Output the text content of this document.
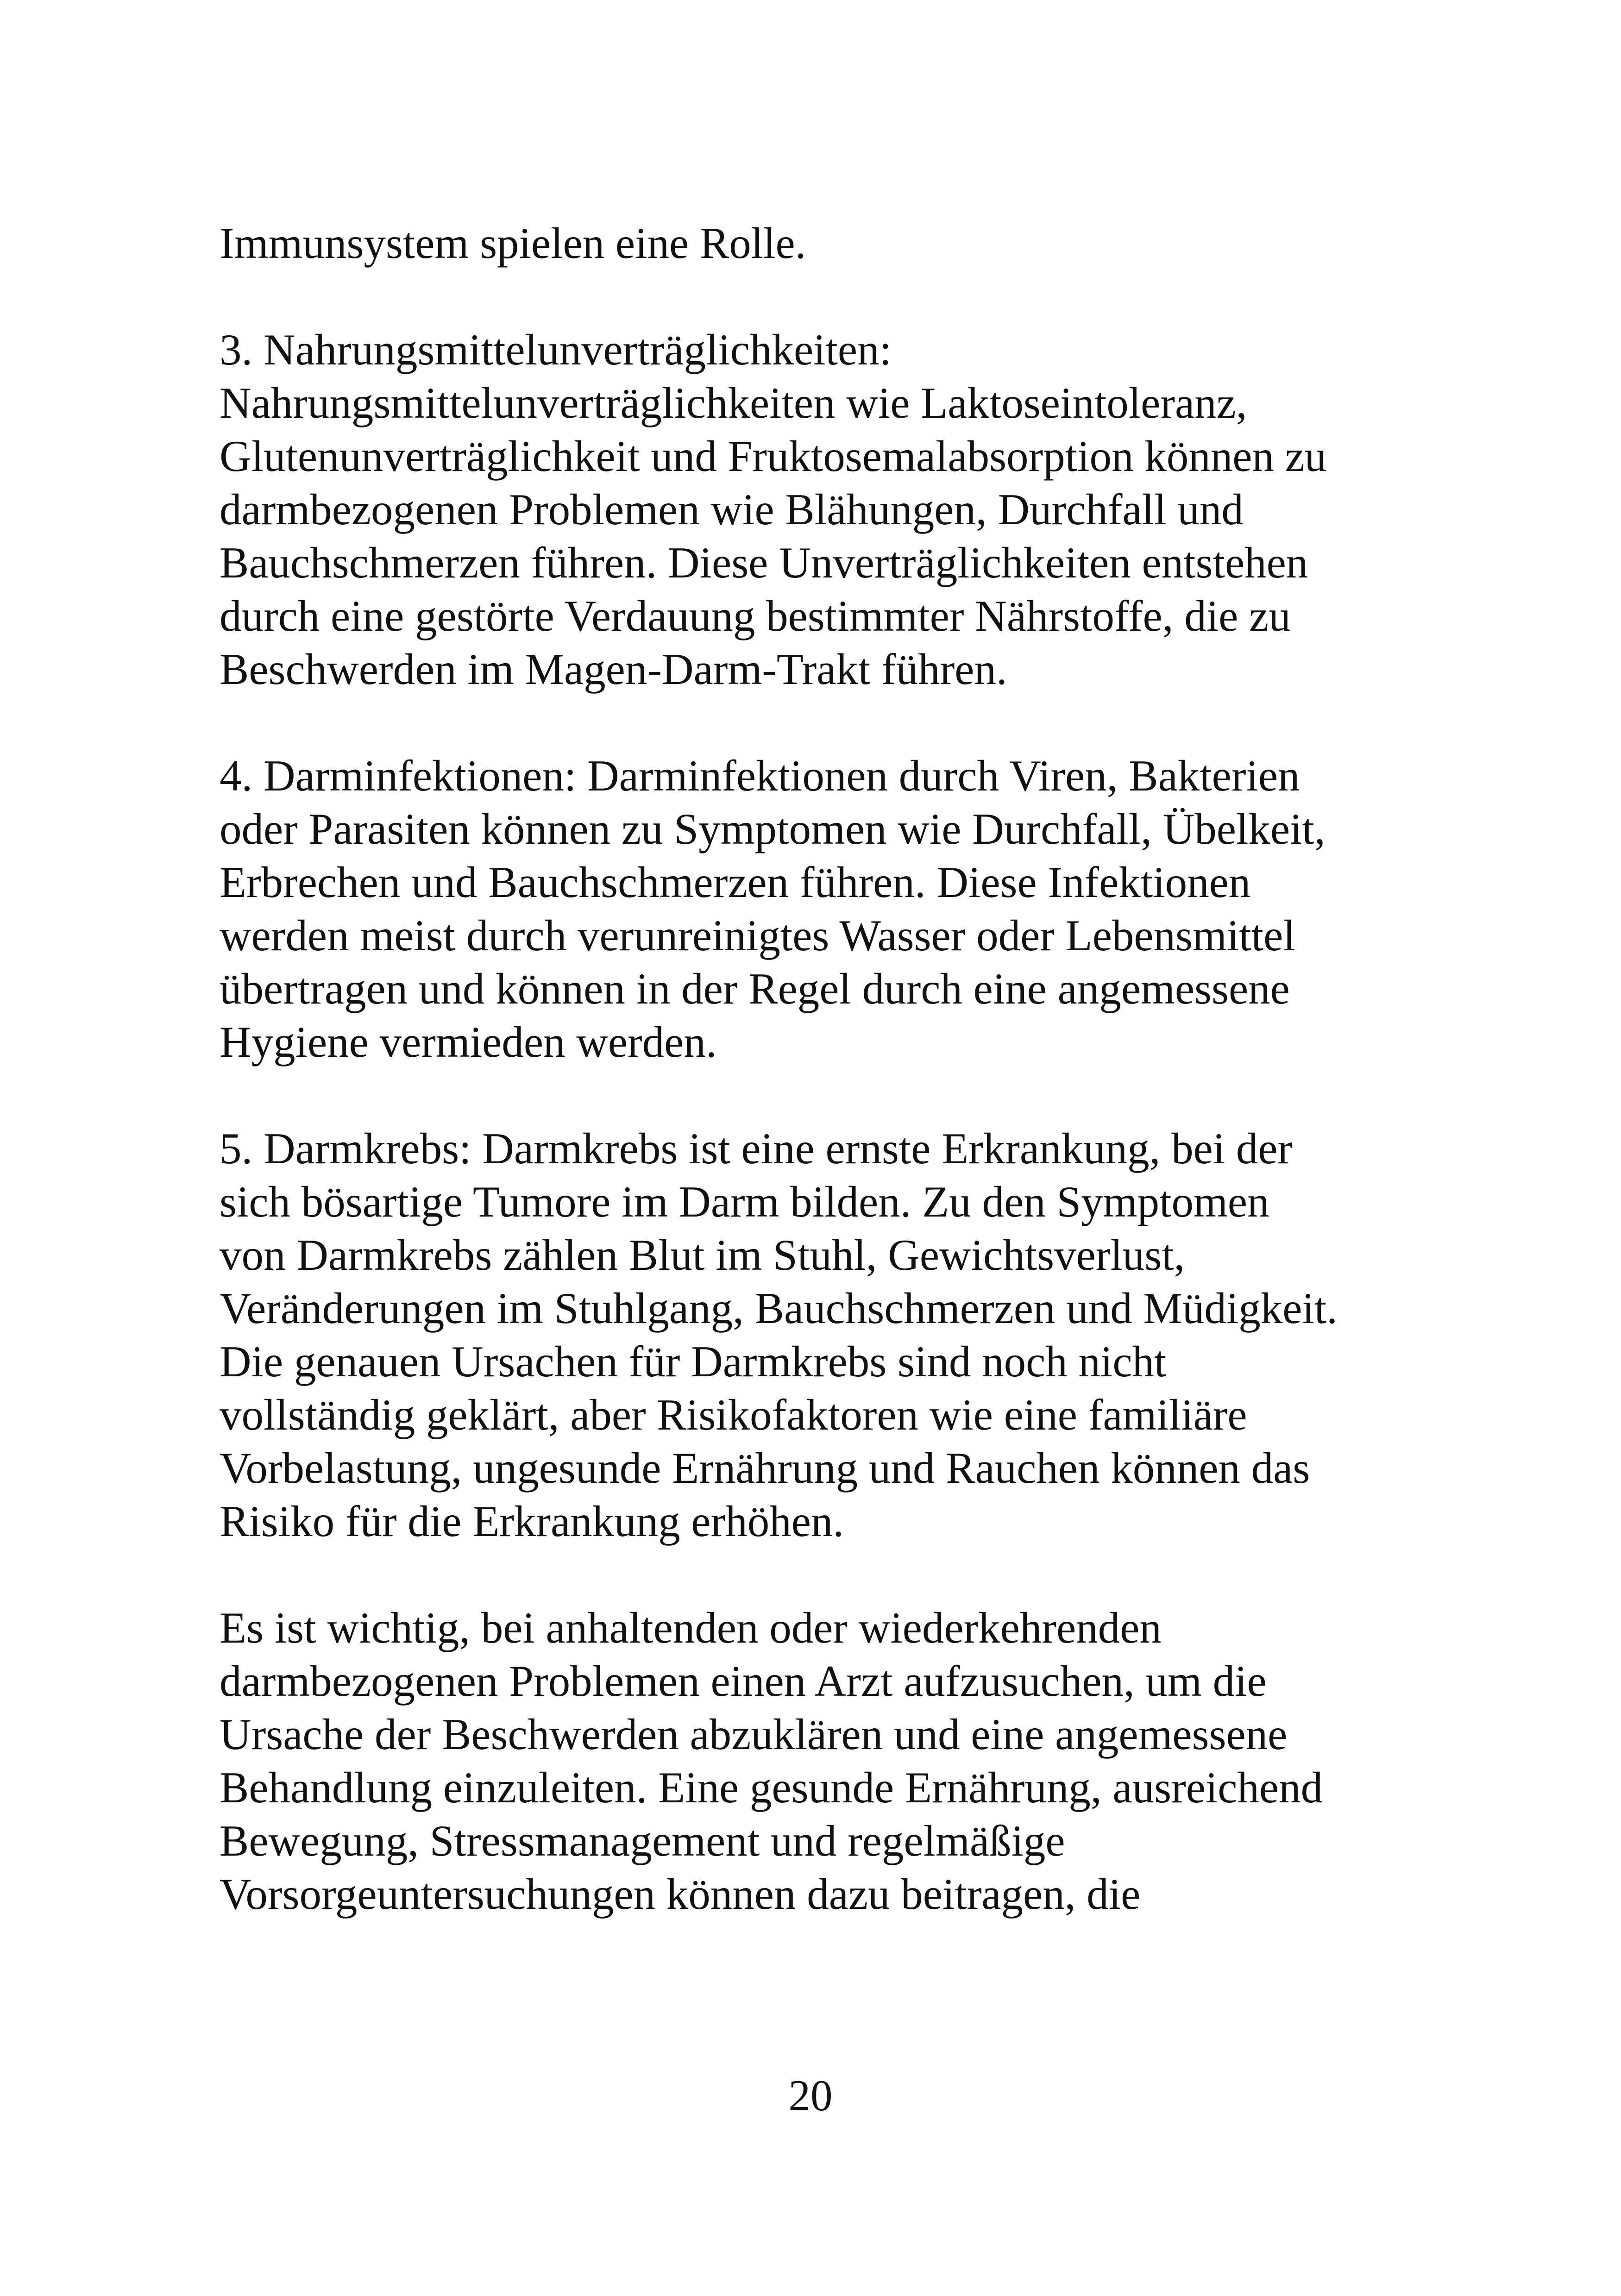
Immunsystem spielen eine Rolle.
3. Nahrungsmittelunverträglichkeiten:
Nahrungsmittelunverträglichkeiten wie Laktoseintoleranz,
Glutenunverträglichkeit und Fruktosemalabsorption können zu
darmbezogenen Problemen wie Blähungen, Durchfall und
Bauchschmerzen führen. Diese Unverträglichkeiten entstehen
durch eine gestörte Verdauung bestimmter Nährstoffe, die zu
Beschwerden im Magen-Darm-Trakt führen.
4. Darminfektionen: Darminfektionen durch Viren, Bakterien
oder Parasiten können zu Symptomen wie Durchfall, Übelkeit,
Erbrechen und Bauchschmerzen führen. Diese Infektionen
werden meist durch verunreinigtes Wasser oder Lebensmittel
übertragen und können in der Regel durch eine angemessene
Hygiene vermieden werden.
5. Darmkrebs: Darmkrebs ist eine ernste Erkrankung, bei der
sich bösartige Tumore im Darm bilden. Zu den Symptomen
von Darmkrebs zählen Blut im Stuhl, Gewichtsverlust,
Veränderungen im Stuhlgang, Bauchschmerzen und Müdigkeit.
Die genauen Ursachen für Darmkrebs sind noch nicht
vollständig geklärt, aber Risikofaktoren wie eine familiäre
Vorbelastung, ungesunde Ernährung und Rauchen können das
Risiko für die Erkrankung erhöhen.
Es ist wichtig, bei anhaltenden oder wiederkehrenden
darmbezogenen Problemen einen Arzt aufzusuchen, um die
Ursache der Beschwerden abzuklären und eine angemessene
Behandlung einzuleiten. Eine gesunde Ernährung, ausreichend
Bewegung, Stressmanagement und regelmäßige
Vorsorgeuntersuchungen können dazu beitragen, die
20
